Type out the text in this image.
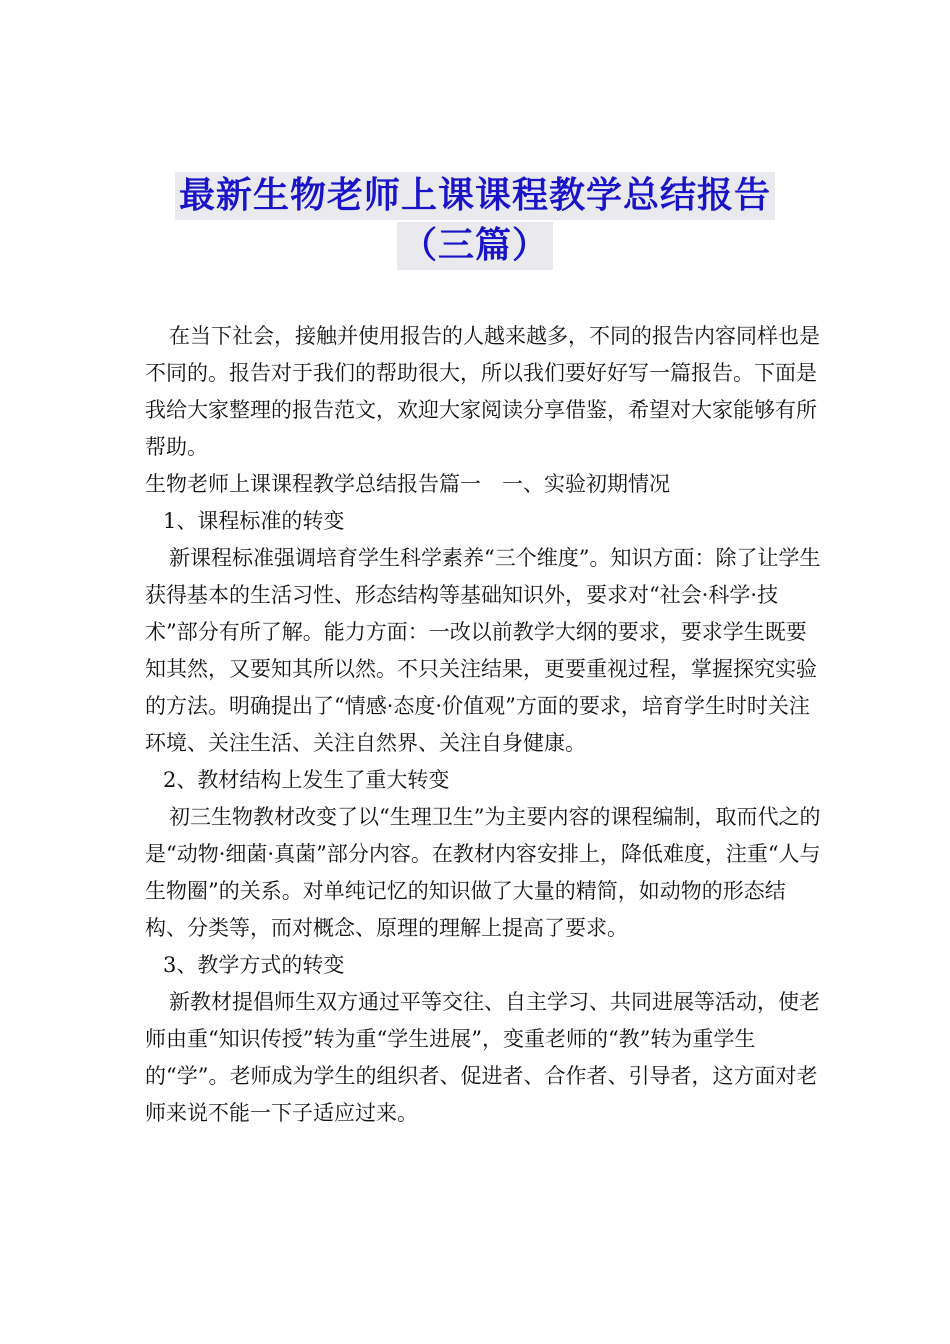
最新生物老师上课课程教学总结报告
（三篇）

在当下社会，接触并使用报告的人越来越多，不同的报告内容同样也是不同的。报告对于我们的帮助很大，所以我们要好好写一篇报告。下面是我给大家整理的报告范文，欢迎大家阅读分享借鉴，希望对大家能够有所帮助。

生物老师上课课程教学总结报告篇一　一、实验初期情况

1、课程标准的转变

新课程标准强调培育学生科学素养“三个维度”。知识方面：除了让学生获得基本的生活习性、形态结构等基础知识外，要求对“社会·科学·技术”部分有所了解。能力方面：一改以前教学大纲的要求，要求学生既要知其然，又要知其所以然。不只关注结果，更要重视过程，掌握探究实验的方法。明确提出了“情感·态度·价值观”方面的要求，培育学生时时关注环境、关注生活、关注自然界、关注自身健康。

2、教材结构上发生了重大转变

初三生物教材改变了以“生理卫生”为主要内容的课程编制，取而代之的是“动物·细菌·真菌”部分内容。在教材内容安排上，降低难度，注重“人与生物圈”的关系。对单纯记忆的知识做了大量的精简，如动物的形态结构、分类等，而对概念、原理的理解上提高了要求。

3、教学方式的转变

新教材提倡师生双方通过平等交往、自主学习、共同进展等活动，使老师由重“知识传授”转为重“学生进展”，变重老师的“教”转为重学生的“学”。老师成为学生的组织者、促进者、合作者、引导者，这方面对老师来说不能一下子适应过来。
